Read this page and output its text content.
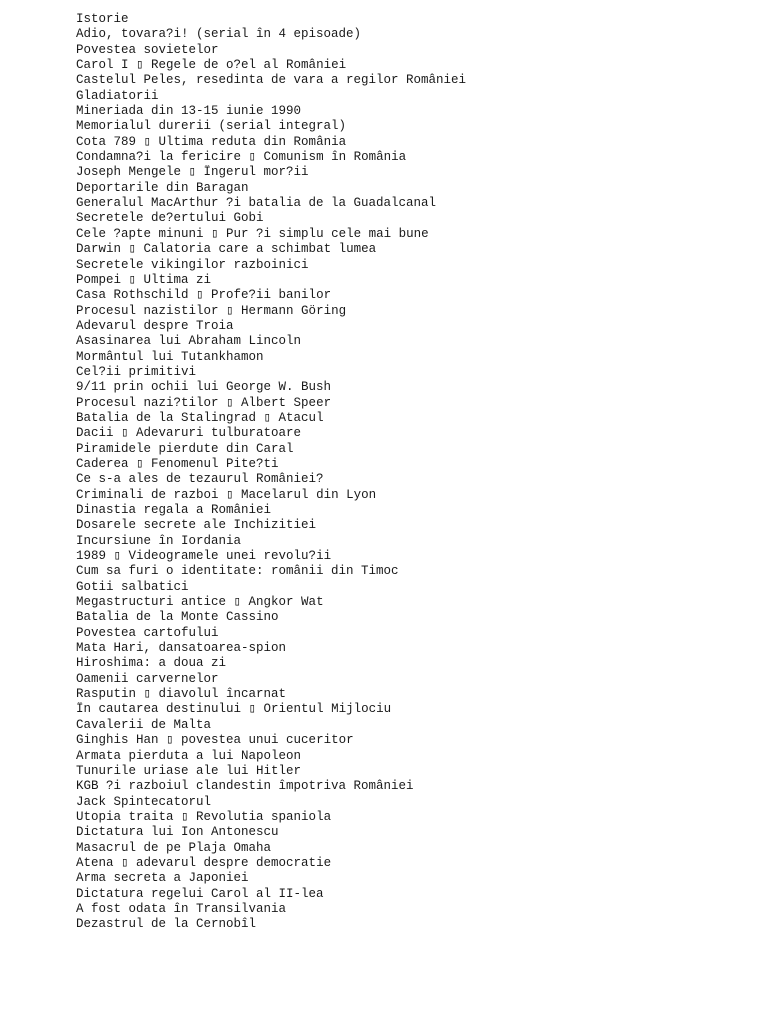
Istorie
Adio, tovara?i! (serial în 4 episoade)
Povestea sovietelor
Carol I ▯ Regele de o?el al României
Castelul Peles, resedinta de vara a regilor României
Gladiatorii
Mineriada din 13-15 iunie 1990
Memorialul durerii (serial integral)
Cota 789 ▯ Ultima reduta din România
Condamna?i la fericire ▯ Comunism în România
Joseph Mengele ▯ Îngerul mor?ii
Deportarile din Baragan
Generalul MacArthur ?i batalia de la Guadalcanal
Secretele de?ertului Gobi
Cele ?apte minuni ▯ Pur ?i simplu cele mai bune
Darwin ▯ Calatoria care a schimbat lumea
Secretele vikingilor razboinici
Pompei ▯ Ultima zi
Casa Rothschild ▯ Profe?ii banilor
Procesul nazistilor ▯ Hermann Göring
Adevarul despre Troia
Asasinarea lui Abraham Lincoln
Mormântul lui Tutankhamon
Cel?ii primitivi
9/11 prin ochii lui George W. Bush
Procesul nazi?tilor ▯ Albert Speer
Batalia de la Stalingrad ▯ Atacul
Dacii ▯ Adevaruri tulburatoare
Piramidele pierdute din Caral
Caderea ▯ Fenomenul Pite?ti
Ce s-a ales de tezaurul României?
Criminali de razboi ▯ Macelarul din Lyon
Dinastia regala a României
Dosarele secrete ale Inchizitiei
Incursiune în Iordania
1989 ▯ Videogramele unei revolu?ii
Cum sa furi o identitate: românii din Timoc
Gotii salbatici
Megastructuri antice ▯ Angkor Wat
Batalia de la Monte Cassino
Povestea cartofului
Mata Hari, dansatoarea-spion
Hiroshima: a doua zi
Oamenii carvernelor
Rasputin ▯ diavolul încarnat
În cautarea destinului ▯ Orientul Mijlociu
Cavalerii de Malta
Ginghis Han ▯ povestea unui cuceritor
Armata pierduta a lui Napoleon
Tunurile uriase ale lui Hitler
KGB ?i razboiul clandestin împotriva României
Jack Spintecatorul
Utopia traita ▯ Revolutia spaniola
Dictatura lui Ion Antonescu
Masacrul de pe Plaja Omaha
Atena ▯ adevarul despre democratie
Arma secreta a Japoniei
Dictatura regelui Carol al II-lea
A fost odata în Transilvania
Dezastrul de la Cernobîl
